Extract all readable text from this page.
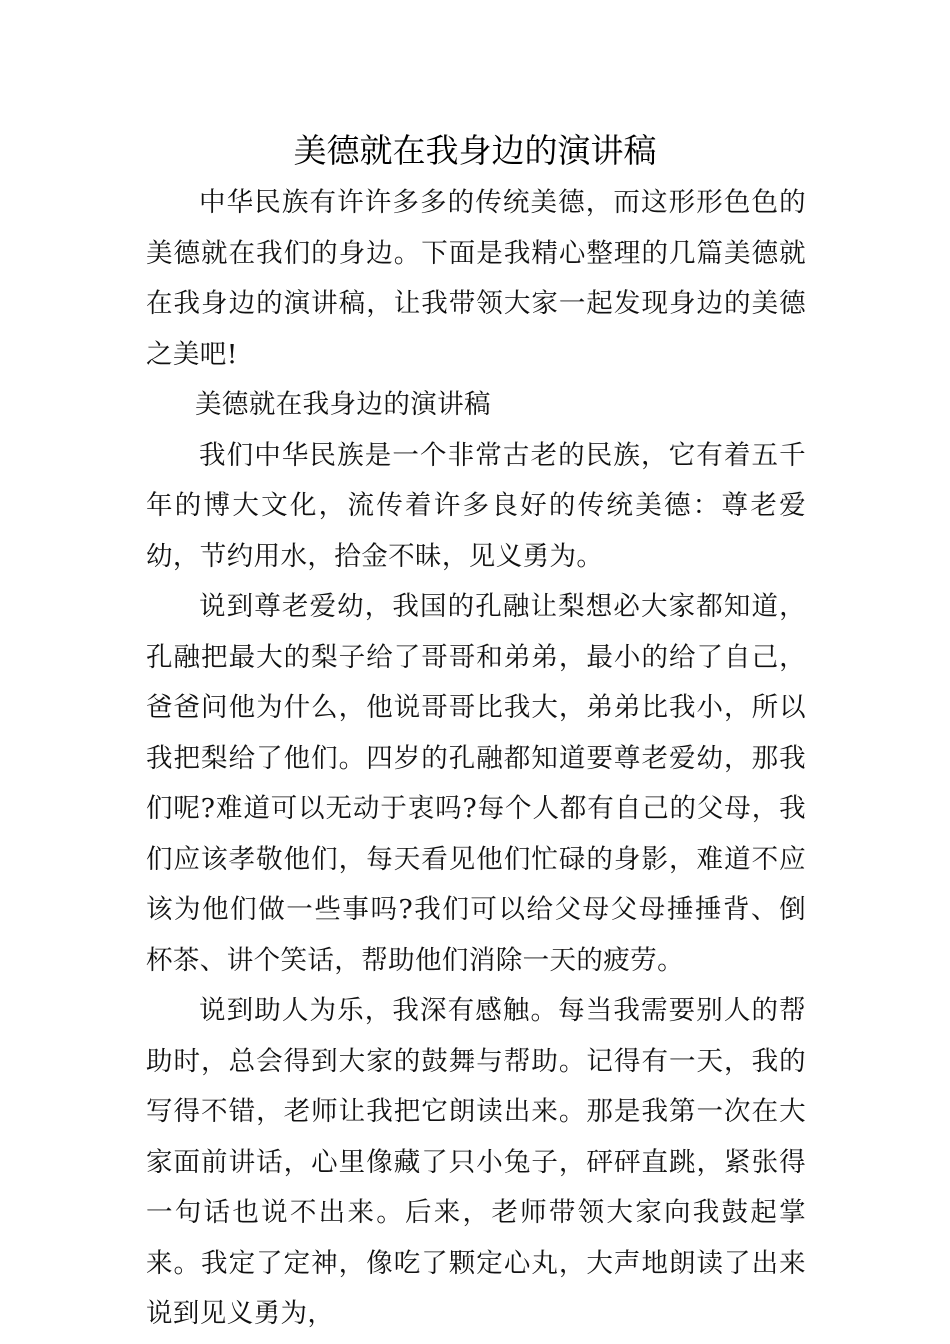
美德就在我身边的演讲稿

中华民族有许许多多的传统美德，而这形形色色的美德就在我们的身边。下面是我精心整理的几篇美德就在我身边的演讲稿，让我带领大家一起发现身边的美德之美吧!

美德就在我身边的演讲稿

我们中华民族是一个非常古老的民族，它有着五千年的博大文化，流传着许多良好的传统美德：尊老爱幼，节约用水，拾金不昧，见义勇为。

说到尊老爱幼，我国的孔融让梨想必大家都知道，孔融把最大的梨子给了哥哥和弟弟，最小的给了自己，爸爸问他为什么，他说哥哥比我大，弟弟比我小，所以我把梨给了他们。四岁的孔融都知道要尊老爱幼，那我们呢?难道可以无动于衷吗?每个人都有自己的父母，我们应该孝敬他们，每天看见他们忙碌的身影，难道不应该为他们做一些事吗?我们可以给父母父母捶捶背、倒杯茶、讲个笑话，帮助他们消除一天的疲劳。

说到助人为乐，我深有感触。每当我需要别人的帮助时，总会得到大家的鼓舞与帮助。记得有一天，我的写得不错，老师让我把它朗读出来。那是我第一次在大家面前讲话，心里像藏了只小兔子，砰砰直跳，紧张得一句话也说不出来。后来，老师带领大家向我鼓起掌来。我定了定神，像吃了颗定心丸，大声地朗读了出来说到见义勇为，
